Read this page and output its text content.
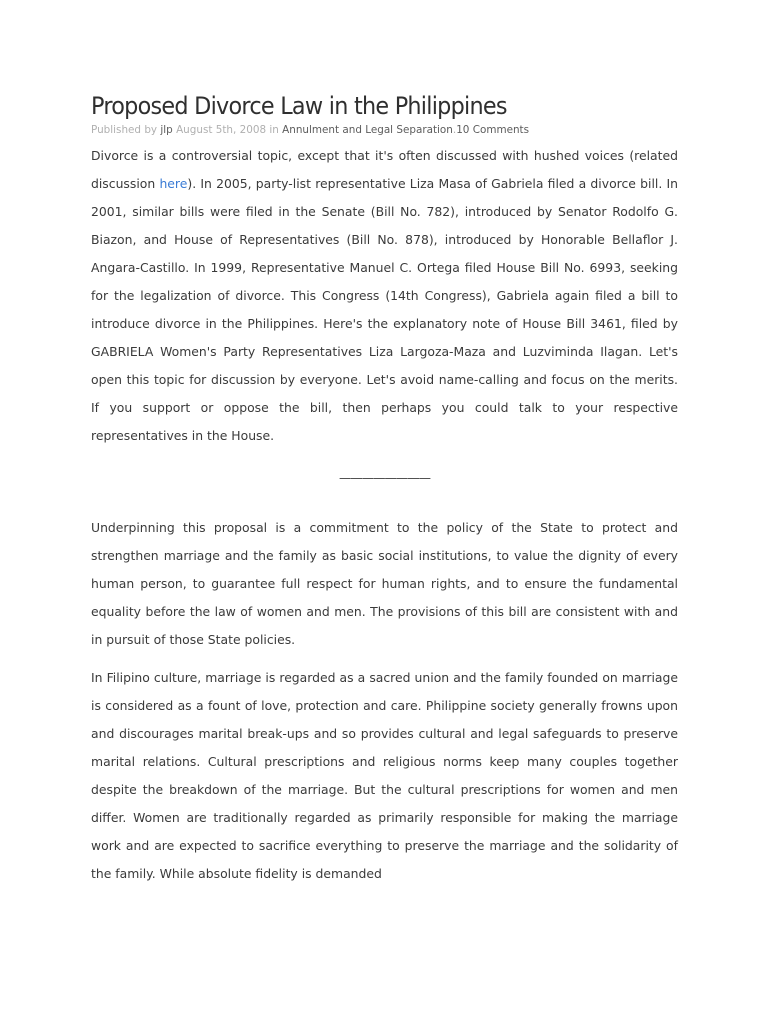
Proposed Divorce Law in the Philippines
Published by jlp August 5th, 2008 in Annulment and Legal Separation.10 Comments

Divorce is a controversial topic, except that it's often discussed with hushed voices (related discussion here). In 2005, party-list representative Liza Masa of Gabriela filed a divorce bill. In 2001, similar bills were filed in the Senate (Bill No. 782), introduced by Senator Rodolfo G. Biazon, and House of Representatives (Bill No. 878), introduced by Honorable Bellaflor J. Angara-Castillo. In 1999, Representative Manuel C. Ortega filed House Bill No. 6993, seeking for the legalization of divorce. This Congress (14th Congress), Gabriela again filed a bill to introduce divorce in the Philippines. Here's the explanatory note of House Bill 3461, filed by GABRIELA Women's Party Representatives Liza Largoza-Maza and Luzviminda Ilagan. Let's open this topic for discussion by everyone. Let's avoid name-calling and focus on the merits. If you support or oppose the bill, then perhaps you could talk to your respective representatives in the House.

————————

Underpinning this proposal is a commitment to the policy of the State to protect and strengthen marriage and the family as basic social institutions, to value the dignity of every human person, to guarantee full respect for human rights, and to ensure the fundamental equality before the law of women and men. The provisions of this bill are consistent with and in pursuit of those State policies.

In Filipino culture, marriage is regarded as a sacred union and the family founded on marriage is considered as a fount of love, protection and care. Philippine society generally frowns upon and discourages marital break-ups and so provides cultural and legal safeguards to preserve marital relations. Cultural prescriptions and religious norms keep many couples together despite the breakdown of the marriage. But the cultural prescriptions for women and men differ. Women are traditionally regarded as primarily responsible for making the marriage work and are expected to sacrifice everything to preserve the marriage and the solidarity of the family. While absolute fidelity is demanded
